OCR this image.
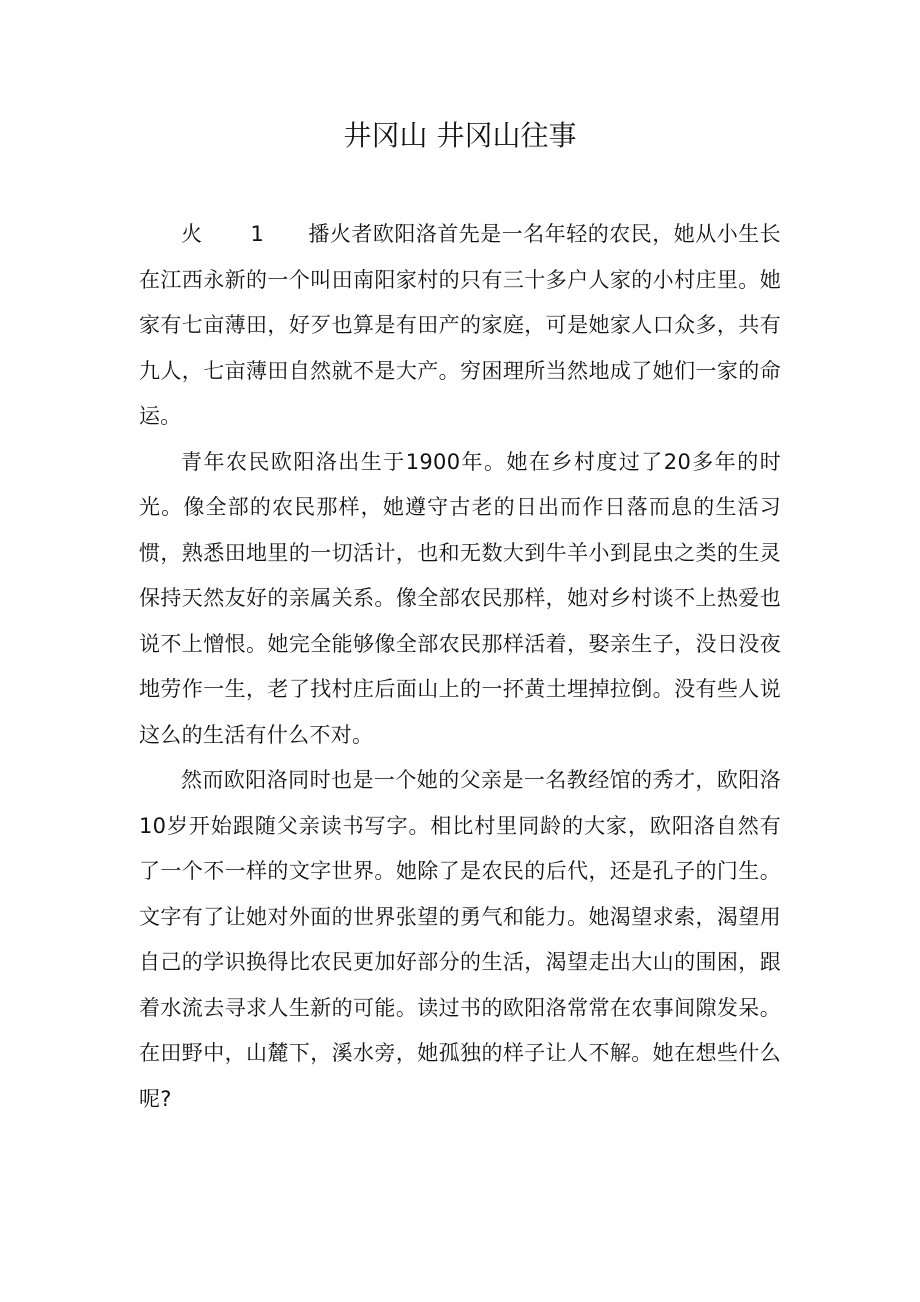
井冈山 井冈山往事

火 1 播火者欧阳洛首先是一名年轻的农民，她从小生长在江西永新的一个叫田南阳家村的只有三十多户人家的小村庄里。她家有七亩薄田，好歹也算是有田产的家庭，可是她家人口众多，共有九人，七亩薄田自然就不是大产。穷困理所当然地成了她们一家的命运。

青年农民欧阳洛出生于1900年。她在乡村度过了20多年的时光。像全部的农民那样，她遵守古老的日出而作日落而息的生活习惯，熟悉田地里的一切活计，也和无数大到牛羊小到昆虫之类的生灵保持天然友好的亲属关系。像全部农民那样，她对乡村谈不上热爱也说不上憎恨。她完全能够像全部农民那样活着，娶亲生子，没日没夜地劳作一生，老了找村庄后面山上的一抔黄土埋掉拉倒。没有些人说这么的生活有什么不对。

然而欧阳洛同时也是一个她的父亲是一名教经馆的秀才，欧阳洛10岁开始跟随父亲读书写字。相比村里同龄的大家，欧阳洛自然有了一个不一样的文字世界。她除了是农民的后代，还是孔子的门生。文字有了让她对外面的世界张望的勇气和能力。她渴望求索，渴望用自己的学识换得比农民更加好部分的生活，渴望走出大山的围困，跟着水流去寻求人生新的可能。读过书的欧阳洛常常在农事间隙发呆。在田野中，山麓下，溪水旁，她孤独的样子让人不解。她在想些什么呢?
